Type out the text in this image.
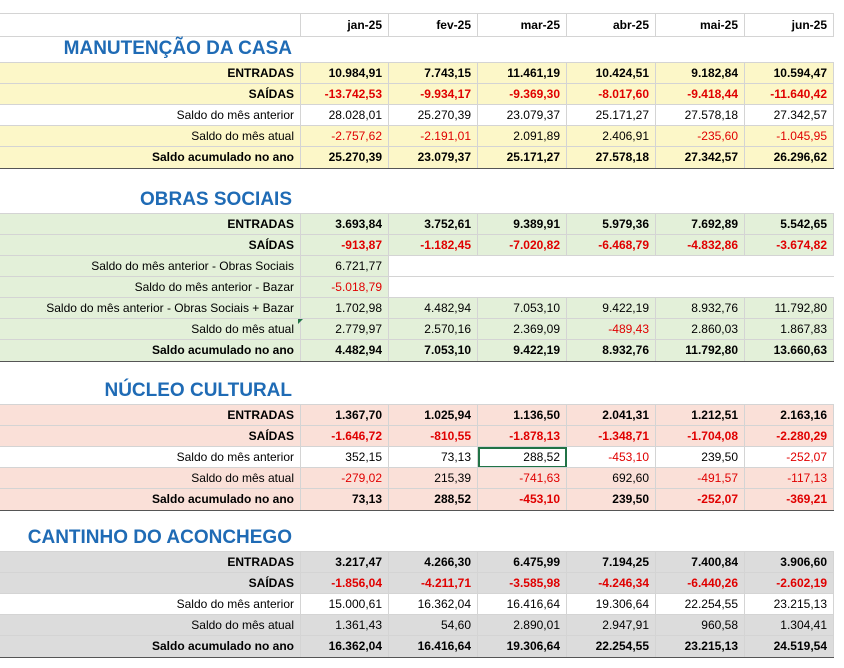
jan-25	fev-25	mar-25	abr-25	mai-25	jun-25
MANUTENÇÃO DA CASA
ENTRADAS	10.984,91	7.743,15	11.461,19	10.424,51	9.182,84	10.594,47
SAÍDAS	-13.742,53	-9.934,17	-9.369,30	-8.017,60	-9.418,44	-11.640,42
Saldo do mês anterior	28.028,01	25.270,39	23.079,37	25.171,27	27.578,18	27.342,57
Saldo do mês atual	-2.757,62	-2.191,01	2.091,89	2.406,91	-235,60	-1.045,95
Saldo acumulado no ano	25.270,39	23.079,37	25.171,27	27.578,18	27.342,57	26.296,62
OBRAS SOCIAIS
ENTRADAS	3.693,84	3.752,61	9.389,91	5.979,36	7.692,89	5.542,65
SAÍDAS	-913,87	-1.182,45	-7.020,82	-6.468,79	-4.832,86	-3.674,82
Saldo do mês anterior - Obras Sociais	6.721,77
Saldo do mês anterior - Bazar	-5.018,79
Saldo do mês anterior - Obras Sociais + Bazar	1.702,98	4.482,94	7.053,10	9.422,19	8.932,76	11.792,80
Saldo do mês atual	2.779,97	2.570,16	2.369,09	-489,43	2.860,03	1.867,83
Saldo acumulado no ano	4.482,94	7.053,10	9.422,19	8.932,76	11.792,80	13.660,63
NÚCLEO CULTURAL
ENTRADAS	1.367,70	1.025,94	1.136,50	2.041,31	1.212,51	2.163,16
SAÍDAS	-1.646,72	-810,55	-1.878,13	-1.348,71	-1.704,08	-2.280,29
Saldo do mês anterior	352,15	73,13	288,52	-453,10	239,50	-252,07
Saldo do mês atual	-279,02	215,39	-741,63	692,60	-491,57	-117,13
Saldo acumulado no ano	73,13	288,52	-453,10	239,50	-252,07	-369,21
CANTINHO DO ACONCHEGO
ENTRADAS	3.217,47	4.266,30	6.475,99	7.194,25	7.400,84	3.906,60
SAÍDAS	-1.856,04	-4.211,71	-3.585,98	-4.246,34	-6.440,26	-2.602,19
Saldo do mês anterior	15.000,61	16.362,04	16.416,64	19.306,64	22.254,55	23.215,13
Saldo do mês atual	1.361,43	54,60	2.890,01	2.947,91	960,58	1.304,41
Saldo acumulado no ano	16.362,04	16.416,64	19.306,64	22.254,55	23.215,13	24.519,54
